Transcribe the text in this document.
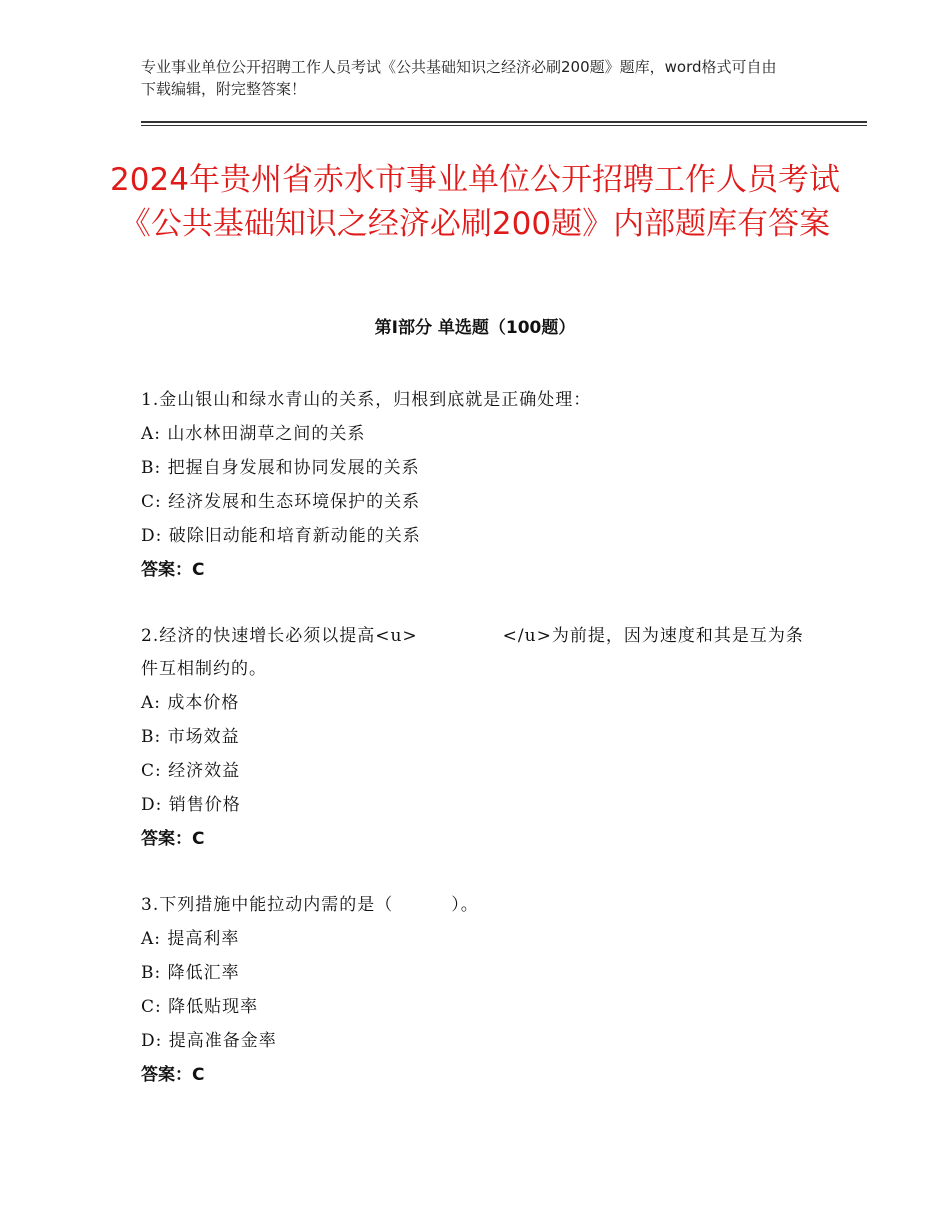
专业事业单位公开招聘工作人员考试《公共基础知识之经济必刷200题》题库，word格式可自由下载编辑，附完整答案！
2024年贵州省赤水市事业单位公开招聘工作人员考试《公共基础知识之经济必刷200题》内部题库有答案
第Ⅰ部分 单选题（100题）

1.金山银山和绿水青山的关系，归根到底就是正确处理：

A: 山水林田湖草之间的关系

B: 把握自身发展和协同发展的关系

C: 经济发展和生态环境保护的关系

D: 破除旧动能和培育新动能的关系

答案：C

2.经济的快速增长必须以提高<u>	</u>为前提，因为速度和其是互为条件互相制约的。

A: 成本价格

B: 市场效益

C: 经济效益

D: 销售价格

答案：C

3.下列措施中能拉动内需的是（	）。

A: 提高利率

B: 降低汇率

C: 降低贴现率

D: 提高准备金率

答案：C
